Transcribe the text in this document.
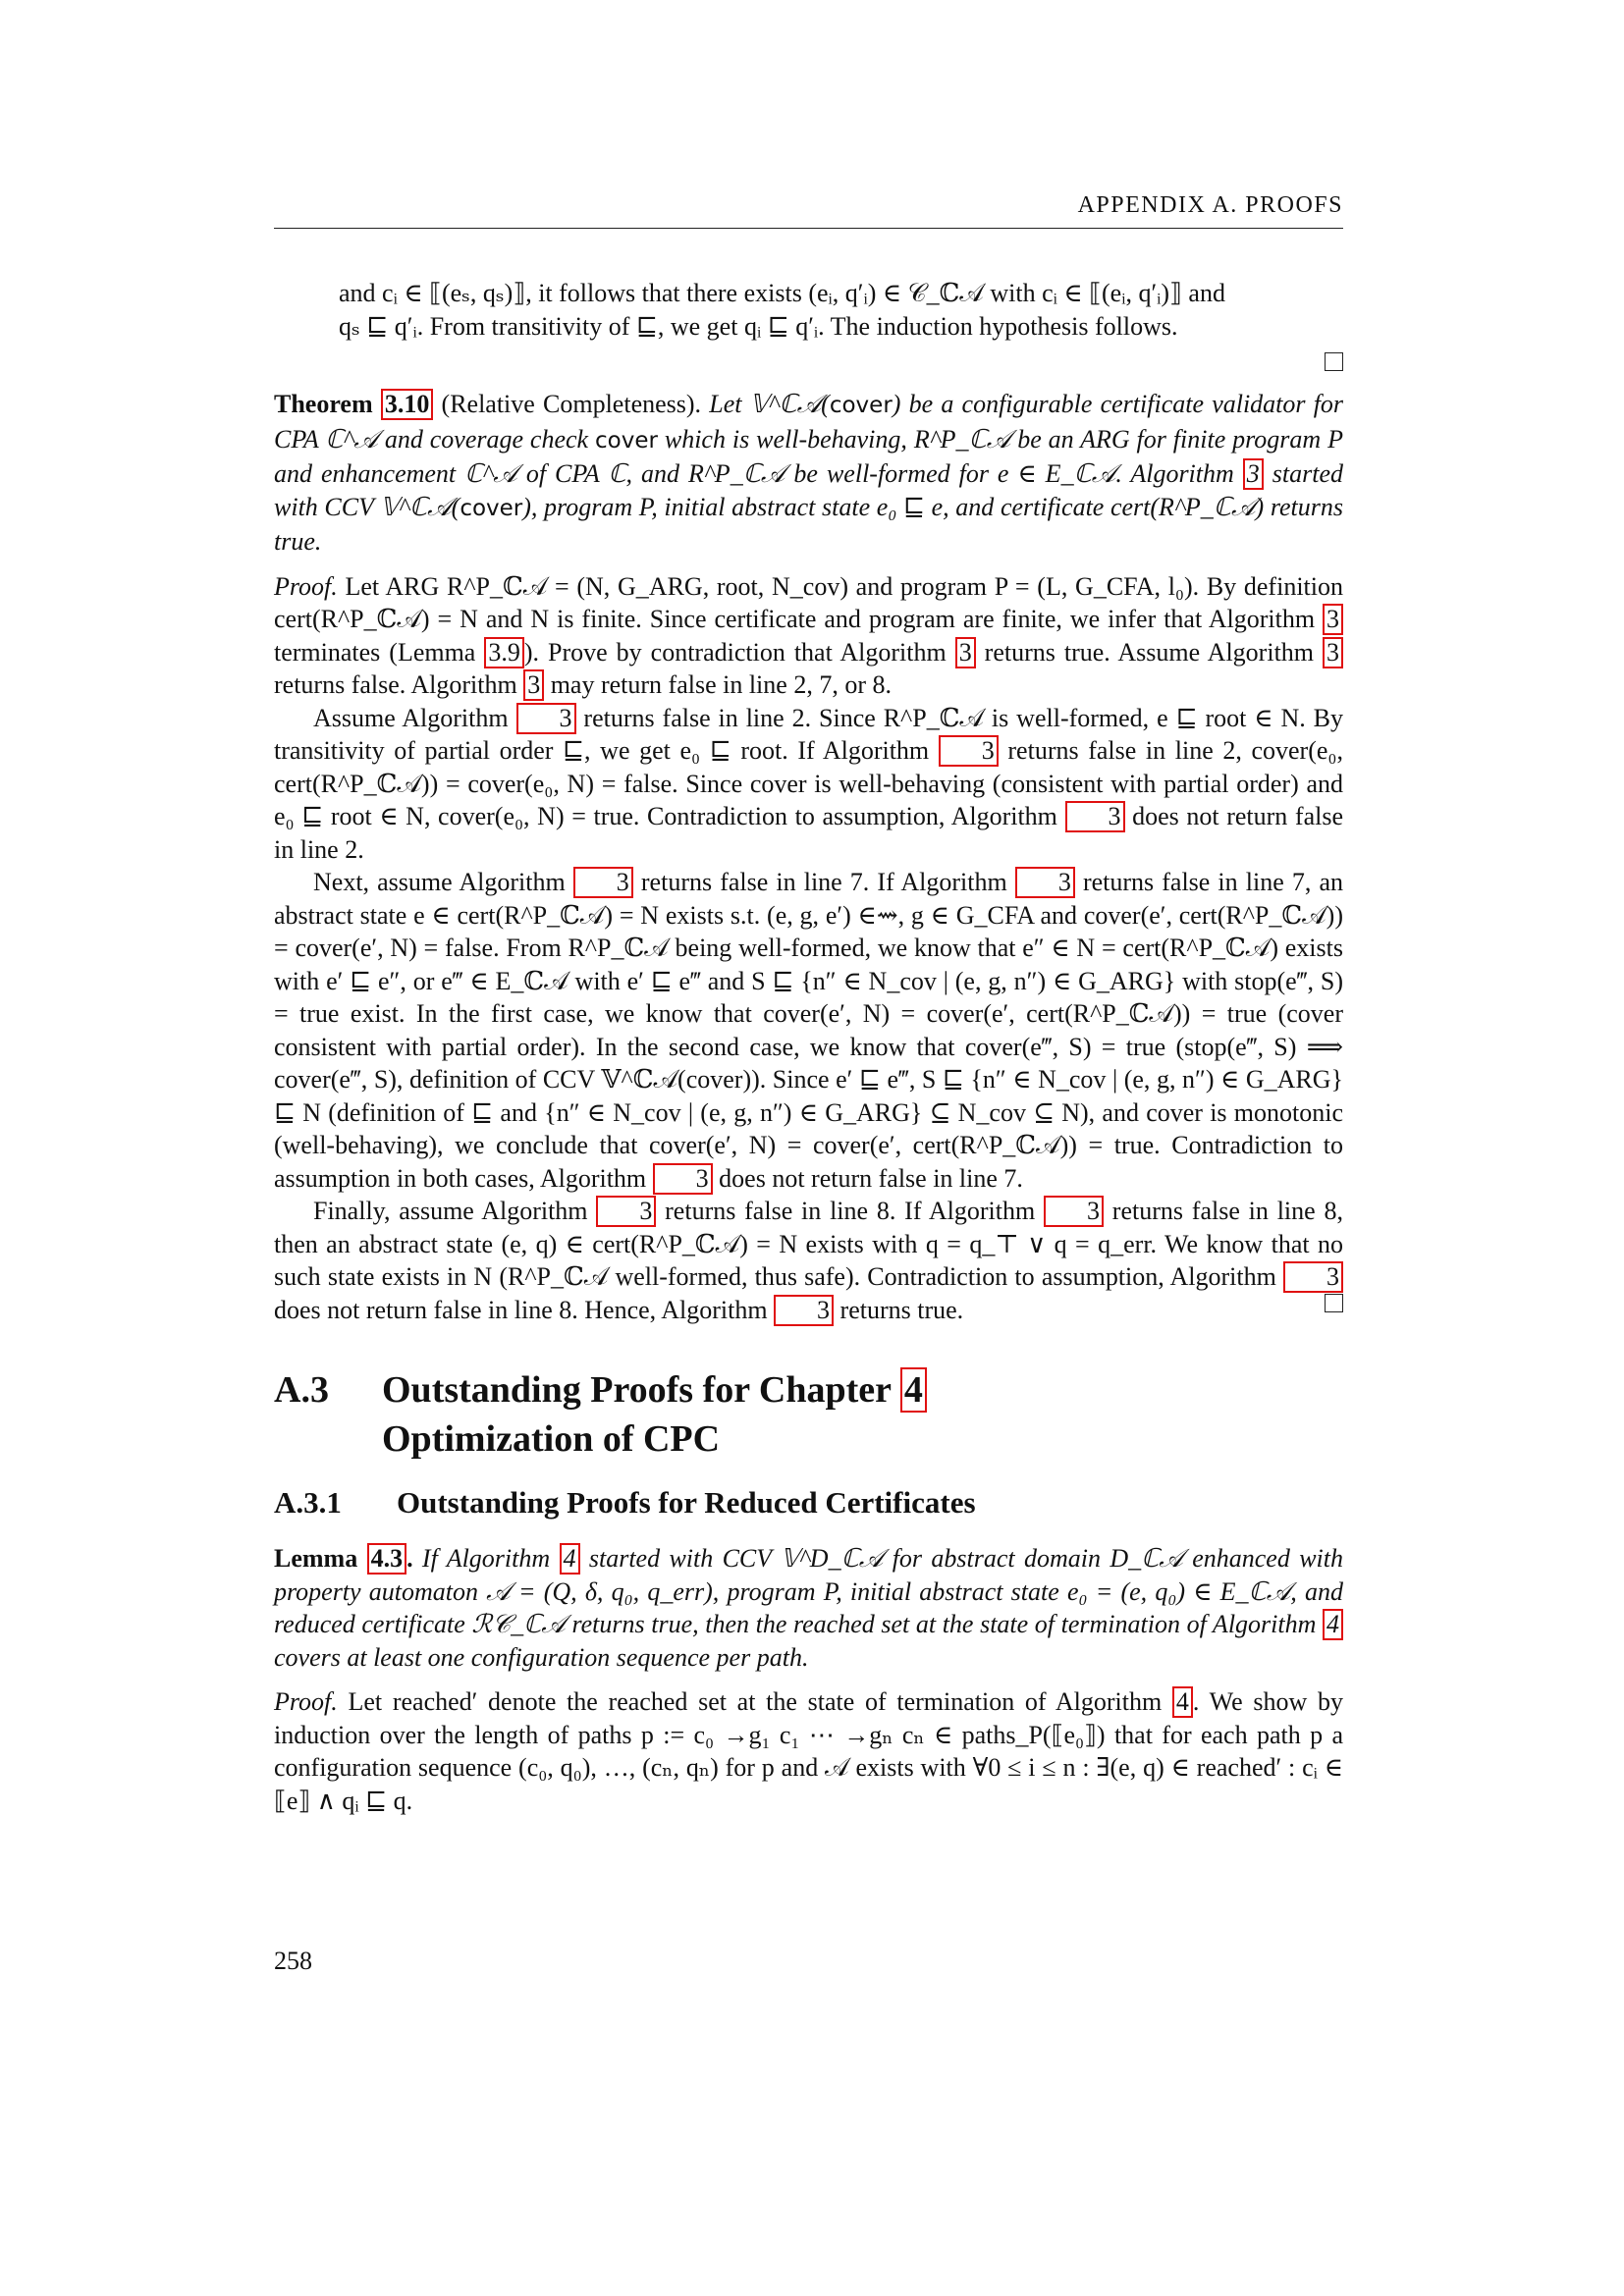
APPENDIX A. PROOFS

and cᵢ ∈ ⟦(eₛ, qₛ)⟧, it follows that there exists (eᵢ, q′ᵢ) ∈ 𝒞_ℂ𝒜 with cᵢ ∈ ⟦(eᵢ, q′ᵢ)⟧ and

qₛ ⊑ q′ᵢ. From transitivity of ⊑, we get qᵢ ⊑ q′ᵢ. The induction hypothesis follows.

Theorem 3.10 (Relative Completeness). Let 𝕍^ℂ𝒜(cover) be a configurable certificate validator for CPA ℂ^𝒜 and coverage check cover which is well-behaving, R^P_ℂ𝒜 be an ARG for finite program P and enhancement ℂ^𝒜 of CPA ℂ, and R^P_ℂ𝒜 be well-formed for e ∈ E_ℂ𝒜. Algorithm 3 started with CCV 𝕍^ℂ𝒜(cover), program P, initial abstract state e₀ ⊑ e, and certificate cert(R^P_ℂ𝒜) returns true.

Proof. Let ARG R^P_ℂ𝒜 = (N, G_ARG, root, N_cov) and program P = (L, G_CFA, l₀). By definition cert(R^P_ℂ𝒜) = N and N is finite. Since certificate and program are finite, we infer that Algorithm 3 terminates (Lemma 3.9 ). Prove by contradiction that Algorithm 3 returns true. Assume Algorithm 3 returns false. Algorithm 3 may return false in line 2, 7, or 8.

Assume Algorithm 3 returns false in line 2. Since R^P_ℂ𝒜 is well-formed, e ⊑ root ∈ N. By transitivity of partial order ⊑, we get e₀ ⊑ root. If Algorithm 3 returns false in line 2, cover(e₀, cert(R^P_ℂ𝒜)) = cover(e₀, N) = false. Since cover is well-behaving (consistent with partial order) and e₀ ⊑ root ∈ N, cover(e₀, N) = true. Contradiction to assumption, Algorithm 3 does not return false in line 2.

Next, assume Algorithm 3 returns false in line 7. If Algorithm 3 returns false in line 7, an abstract state e ∈ cert(R^P_ℂ𝒜) = N exists s.t. (e, g, e′) ∈⇝, g ∈ G_CFA and cover(e′, cert(R^P_ℂ𝒜)) = cover(e′, N) = false. From R^P_ℂ𝒜 being well-formed, we know that e″ ∈ N = cert(R^P_ℂ𝒜) exists with e′ ⊑ e″, or e‴ ∈ E_ℂ𝒜 with e′ ⊑ e‴ and S ⊑ {n″ ∈ N_cov | (e, g, n″) ∈ G_ARG} with stop(e‴, S) = true exist. In the first case, we know that cover(e′, N) = cover(e′, cert(R^P_ℂ𝒜)) = true (cover consistent with partial order). In the second case, we know that cover(e‴, S) = true (stop(e‴, S) ⟹ cover(e‴, S), definition of CCV 𝕍^ℂ𝒜(cover)). Since e′ ⊑ e‴, S ⊑ {n″ ∈ N_cov | (e, g, n″) ∈ G_ARG} ⊑ N (definition of ⊑ and {n″ ∈ N_cov | (e, g, n″) ∈ G_ARG} ⊆ N_cov ⊆ N), and cover is monotonic (well-behaving), we conclude that cover(e′, N) = cover(e′, cert(R^P_ℂ𝒜)) = true. Contradiction to assumption in both cases, Algorithm 3 does not return false in line 7.

Finally, assume Algorithm 3 returns false in line 8. If Algorithm 3 returns false in line 8, then an abstract state (e, q) ∈ cert(R^P_ℂ𝒜) = N exists with q = q_⊤ ∨ q = q_err. We know that no such state exists in N (R^P_ℂ𝒜 well-formed, thus safe). Contradiction to assumption, Algorithm 3 does not return false in line 8. Hence, Algorithm 3 returns true.

A.3	Outstanding Proofs for Chapter 4
Optimization of CPC
A.3.1	Outstanding Proofs for Reduced Certificates

Lemma 4.3 . If Algorithm 4 started with CCV 𝕍^D_ℂ𝒜 for abstract domain D_ℂ𝒜 enhanced with property automaton 𝒜 = (Q, δ, q₀, q_err), program P, initial abstract state e₀ = (e, q₀) ∈ E_ℂ𝒜, and reduced certificate ℛ𝒞_ℂ𝒜 returns true, then the reached set at the state of termination of Algorithm 4 covers at least one configuration sequence per path.

Proof. Let reached′ denote the reached set at the state of termination of Algorithm 4 . We show by induction over the length of paths p := c₀ →g₁ c₁ ⋯ →gₙ cₙ ∈ paths_P(⟦e₀⟧) that for each path p a configuration sequence (c₀, q₀), …, (cₙ, qₙ) for p and 𝒜 exists with ∀0 ≤ i ≤ n : ∃(e, q) ∈ reached′ : cᵢ ∈ ⟦e⟧ ∧ qᵢ ⊑ q.

258
